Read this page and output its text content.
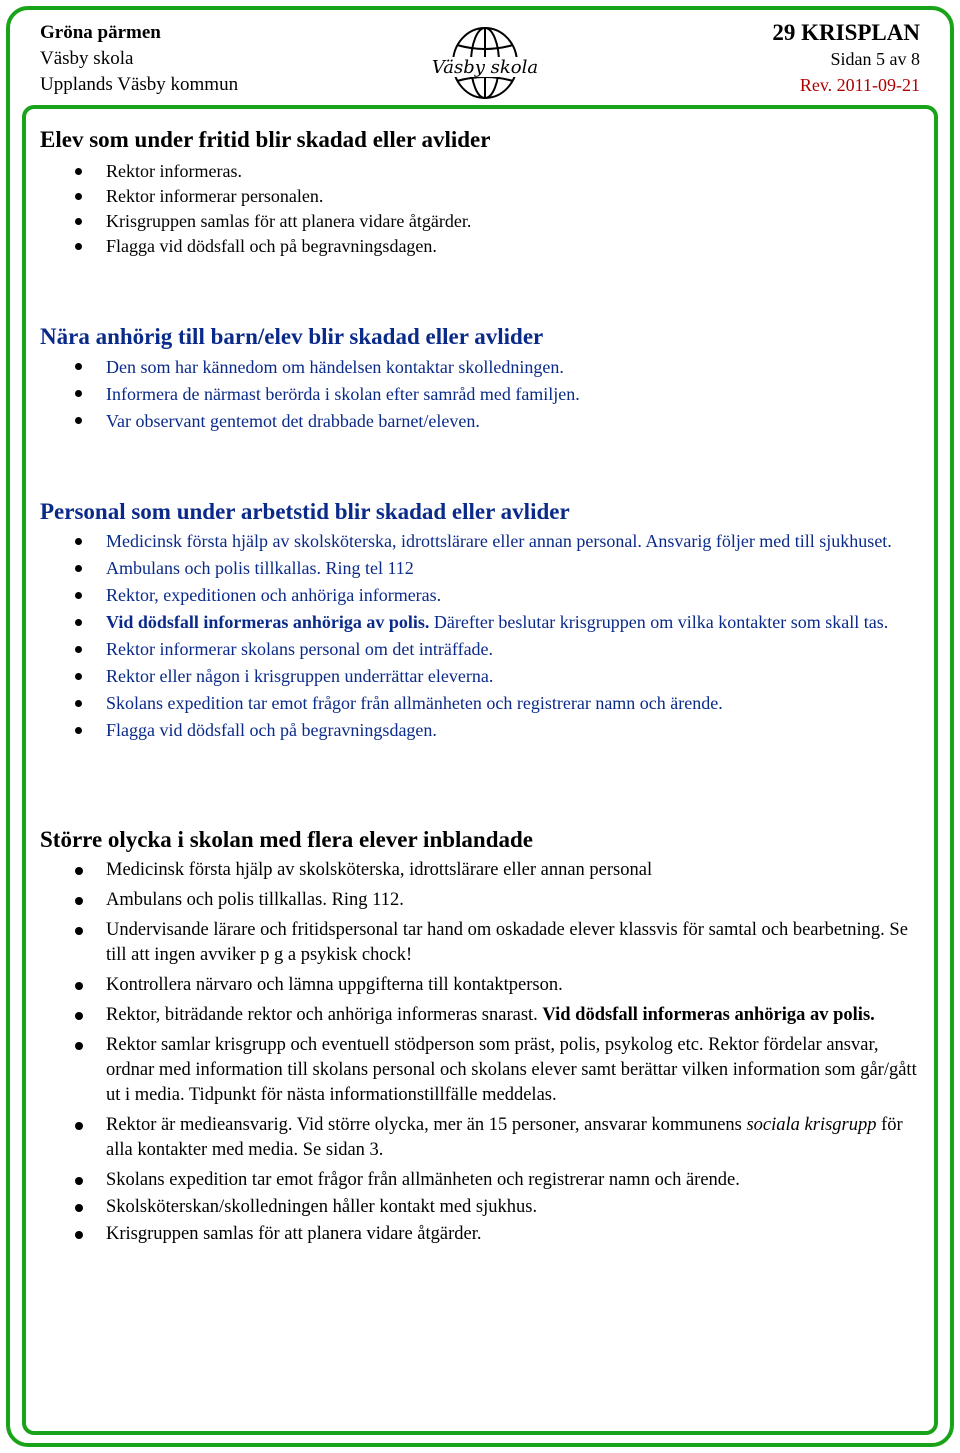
Gröna pärmen
Väsby skola
Upplands Väsby kommun
Väsby skola
29 KRISPLAN
Sidan 5 av 8
Rev. 2011-09-21
Elev som under fritid blir skadad eller avlider
Rektor informeras.
Rektor informerar personalen.
Krisgruppen samlas för att planera vidare åtgärder.
Flagga vid dödsfall och på begravningsdagen.
Nära anhörig till barn/elev blir skadad eller avlider
Den som har kännedom om händelsen kontaktar skolledningen.
Informera de närmast berörda i skolan efter samråd med familjen.
Var observant gentemot det drabbade barnet/eleven.
Personal som under arbetstid blir skadad eller avlider
Medicinsk första hjälp av skolsköterska, idrottslärare eller annan personal. Ansvarig följer med till sjukhuset.
Ambulans och polis tillkallas. Ring tel 112
Rektor, expeditionen och anhöriga informeras.
Vid dödsfall informeras anhöriga av polis. Därefter beslutar krisgruppen om vilka kontakter som skall tas.
Rektor informerar skolans personal om det inträffade.
Rektor eller någon i krisgruppen underrättar eleverna.
Skolans expedition tar emot frågor från allmänheten och registrerar namn och ärende.
Flagga vid dödsfall och på begravningsdagen.
Större olycka i skolan med flera elever inblandade
Medicinsk första hjälp av skolsköterska, idrottslärare eller annan personal
Ambulans och polis tillkallas. Ring 112.
Undervisande lärare och fritidspersonal tar hand om oskadade elever klassvis för samtal och bearbetning. Se till att ingen avviker p g a psykisk chock!
Kontrollera närvaro och lämna uppgifterna till kontaktperson.
Rektor, biträdande rektor och anhöriga informeras snarast. Vid dödsfall informeras anhöriga av polis.
Rektor samlar krisgrupp och eventuell stödperson som präst, polis, psykolog etc. Rektor fördelar ansvar, ordnar med information till skolans personal och skolans elever samt berättar vilken information som går/gått ut i media. Tidpunkt för nästa informationstillfälle meddelas.
Rektor är medieansvarig. Vid större olycka, mer än 15 personer, ansvarar kommunens sociala krisgrupp för alla kontakter med media. Se sidan 3.
Skolans expedition tar emot frågor från allmänheten och registrerar namn och ärende.
Skolsköterskan/skolledningen håller kontakt med sjukhus.
Krisgruppen samlas för att planera vidare åtgärder.
